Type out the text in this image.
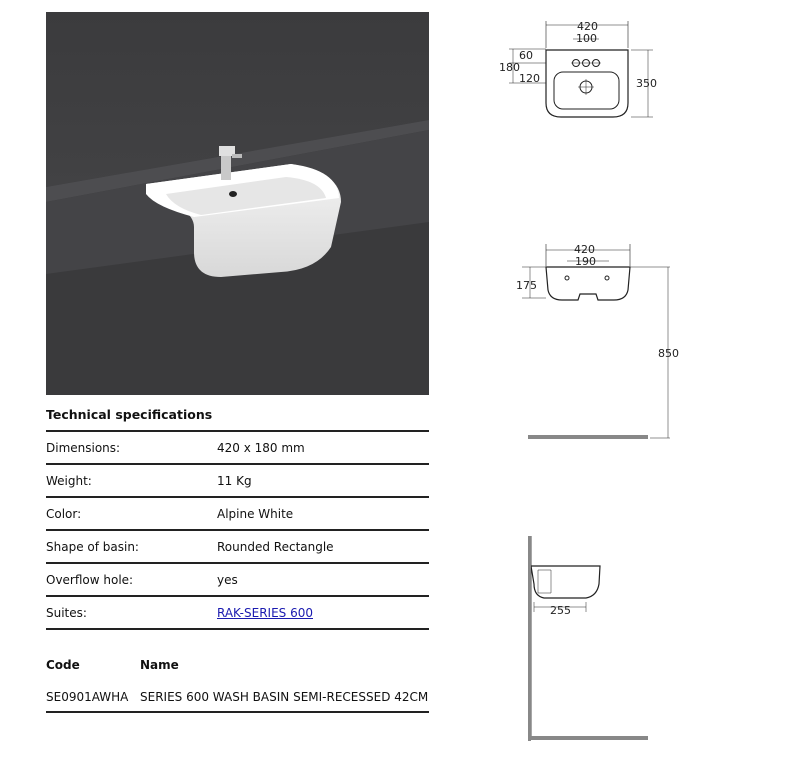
Technical specifications
Dimensions:	420 x 180 mm
Weight:	11 Kg
Color:	Alpine White
Shape of basin:	Rounded Rectangle
Overflow hole:	yes
Suites:	RAK-SERIES 600
Code	Name
SE0901AWHA SERIES 600 WASH BASIN SEMI-RECESSED 42CM
420
100
60
180
120	350
420
190
175
850
255
